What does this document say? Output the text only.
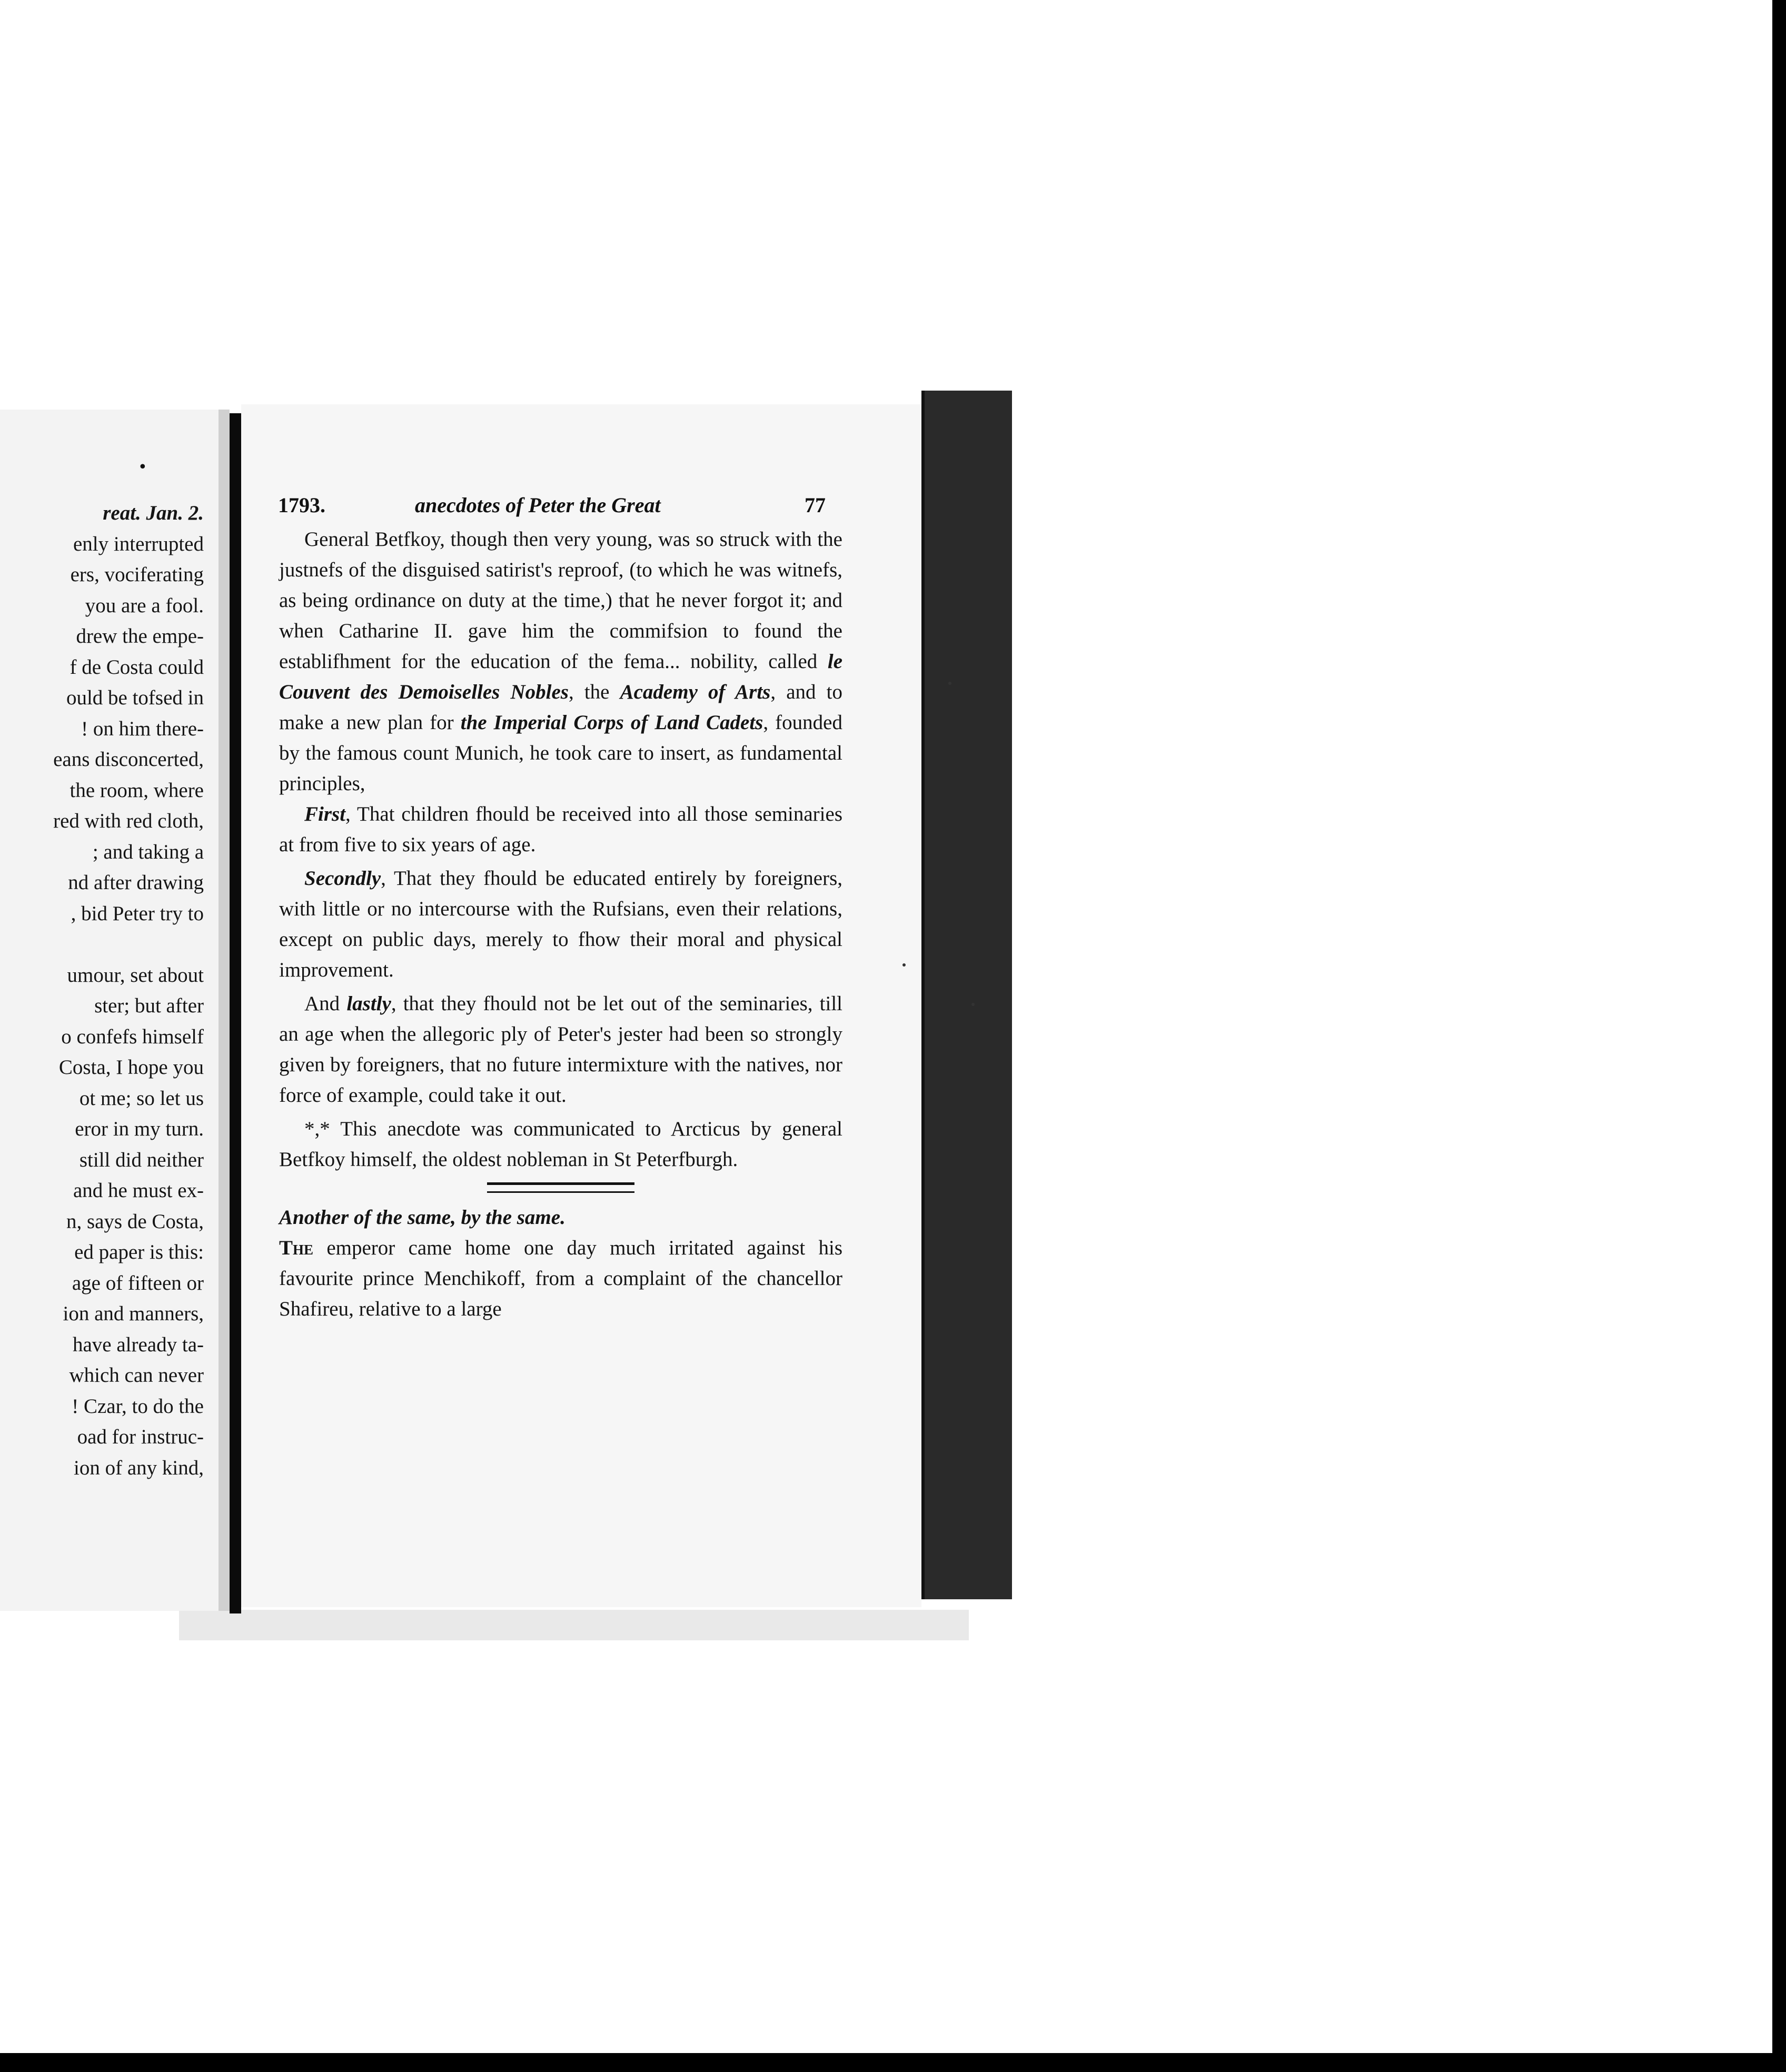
•
reat. Jan. 2.
enly interrupted
ers, vociferating
you are a fool.
drew the empe-
f de Costa could
ould be tofsed in
! on him there-
eans disconcerted,
the room, where
red with red cloth,
; and taking a
nd after drawing
, bid Peter try to
umour, set about
ster; but after
o confefs himself
Costa, I hope you
ot me; so let us
eror in my turn.
still did neither
and he must ex-
n, says de Costa,
ed paper is this:
age of fifteen or
ion and manners,
have already ta-
which can never
! Czar, to do the
oad for instruc-
ion of any kind,
1793.	anecdotes of Peter the Great	77

General Betfkoy, though then very young, was so struck with the justnefs of the disguised satirist's reproof, (to which he was witnefs, as being ordinance on duty at the time,) that he never forgot it; and when Catharine II. gave him the commifsion to found the establifhment for the education of the fema... nobility, called le Couvent des Demoiselles Nobles, the Academy of Arts, and to make a new plan for the Imperial Corps of Land Cadets, founded by the famous count Munich, he took care to insert, as fundamental principles,

First, That children fhould be received into all those seminaries at from five to six years of age.

Secondly, That they fhould be educated entirely by foreigners, with little or no intercourse with the Rufsians, even their relations, except on public days, merely to fhow their moral and physical improvement.

And lastly, that they fhould not be let out of the seminaries, till an age when the allegoric ply of Peter's jester had been so strongly given by foreigners, that no future intermixture with the natives, nor force of example, could take it out.

*,* This anecdote was communicated to Arcticus by general Betfkoy himself, the oldest nobleman in St Peterfburgh.

Another of the same, by the same.

The emperor came home one day much irritated against his favourite prince Menchikoff, from a complaint of the chancellor Shafireu, relative to a large
